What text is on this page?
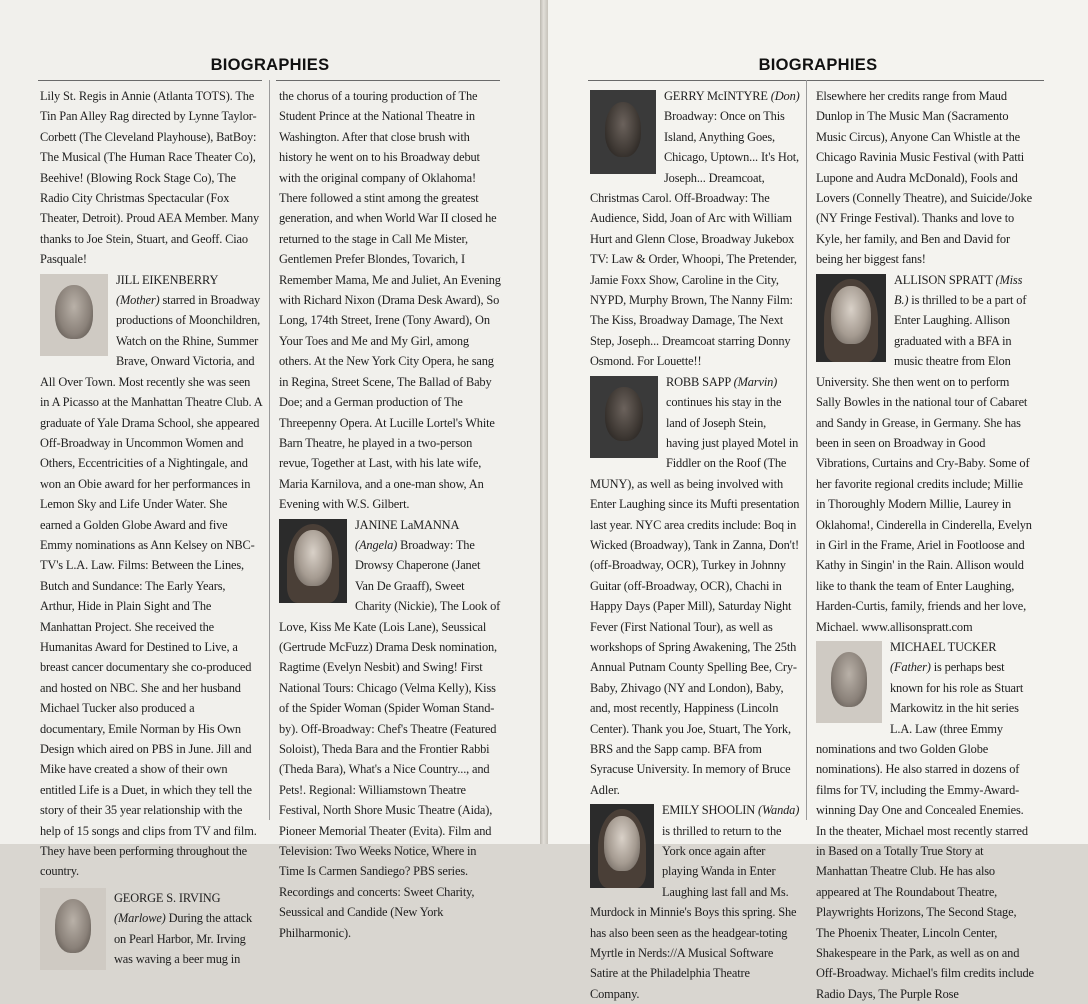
BIOGRAPHIES

Lily St. Regis in Annie (Atlanta TOTS). The Tin Pan Alley Rag directed by Lynne Taylor-Corbett (The Cleveland Playhouse), BatBoy: The Musical (The Human Race Theater Co), Beehive! (Blowing Rock Stage Co), The Radio City Christmas Spectacular (Fox Theater, Detroit). Proud AEA Member. Many thanks to Joe Stein, Stuart, and Geoff. Ciao Pasquale!

JILL EIKENBERRY (Mother) starred in Broadway productions of Moonchildren, Watch on the Rhine, Summer Brave, Onward Victoria, and All Over Town. Most recently she was seen in A Picasso at the Manhattan Theatre Club. A graduate of Yale Drama School, she appeared Off-Broadway in Uncommon Women and Others, Eccentricities of a Nightingale, and won an Obie award for her performances in Lemon Sky and Life Under Water. She earned a Golden Globe Award and five Emmy nominations as Ann Kelsey on NBC-TV's L.A. Law. Films: Between the Lines, Butch and Sundance: The Early Years, Arthur, Hide in Plain Sight and The Manhattan Project. She received the Humanitas Award for Destined to Live, a breast cancer documentary she co-produced and hosted on NBC. She and her husband Michael Tucker also produced a documentary, Emile Norman by His Own Design which aired on PBS in June. Jill and Mike have created a show of their own entitled Life is a Duet, in which they tell the story of their 35 year relationship with the help of 15 songs and clips from TV and film. They have been performing throughout the country.

GEORGE S. IRVING (Marlowe) During the attack on Pearl Harbor, Mr. Irving was waving a beer mug in

the chorus of a touring production of The Student Prince at the National Theatre in Washington. After that close brush with history he went on to his Broadway debut with the original company of Oklahoma! There followed a stint among the greatest generation, and when World War II closed he returned to the stage in Call Me Mister, Gentlemen Prefer Blondes, Tovarich, I Remember Mama, Me and Juliet, An Evening with Richard Nixon (Drama Desk Award), So Long, 174th Street, Irene (Tony Award), On Your Toes and Me and My Girl, among others. At the New York City Opera, he sang in Regina, Street Scene, The Ballad of Baby Doe; and a German production of The Threepenny Opera. At Lucille Lortel's White Barn Theatre, he played in a two-person revue, Together at Last, with his late wife, Maria Karnilova, and a one-man show, An Evening with W.S. Gilbert.

JANINE LaMANNA (Angela) Broadway: The Drowsy Chaperone (Janet Van De Graaff), Sweet Charity (Nickie), The Look of Love, Kiss Me Kate (Lois Lane), Seussical (Gertrude McFuzz) Drama Desk nomination, Ragtime (Evelyn Nesbit) and Swing! First National Tours: Chicago (Velma Kelly), Kiss of the Spider Woman (Spider Woman Stand-by). Off-Broadway: Chef's Theatre (Featured Soloist), Theda Bara and the Frontier Rabbi (Theda Bara), What's a Nice Country..., and Pets!. Regional: Williamstown Theatre Festival, North Shore Music Theatre (Aida), Pioneer Memorial Theater (Evita). Film and Television: Two Weeks Notice, Where in Time Is Carmen Sandiego? PBS series. Recordings and concerts: Sweet Charity, Seussical and Candide (New York Philharmonic).

BIOGRAPHIES

GERRY McINTYRE (Don) Broadway: Once on This Island, Anything Goes, Chicago, Uptown... It's Hot, Joseph... Dreamcoat, Christmas Carol. Off-Broadway: The Audience, Sidd, Joan of Arc with William Hurt and Glenn Close, Broadway Jukebox TV: Law & Order, Whoopi, The Pretender, Jamie Foxx Show, Caroline in the City, NYPD, Murphy Brown, The Nanny Film: The Kiss, Broadway Damage, The Next Step, Joseph... Dreamcoat starring Donny Osmond. For Louette!!

ROBB SAPP (Marvin) continues his stay in the land of Joseph Stein, having just played Motel in Fiddler on the Roof (The MUNY), as well as being involved with Enter Laughing since its Mufti presentation last year. NYC area credits include: Boq in Wicked (Broadway), Tank in Zanna, Don't! (off-Broadway, OCR), Turkey in Johnny Guitar (off-Broadway, OCR), Chachi in Happy Days (Paper Mill), Saturday Night Fever (First National Tour), as well as workshops of Spring Awakening, The 25th Annual Putnam County Spelling Bee, Cry-Baby, Zhivago (NY and London), Baby, and, most recently, Happiness (Lincoln Center). Thank you Joe, Stuart, The York, BRS and the Sapp camp. BFA from Syracuse University. In memory of Bruce Adler.

EMILY SHOOLIN (Wanda) is thrilled to return to the York once again after playing Wanda in Enter Laughing last fall and Ms. Murdock in Minnie's Boys this spring. She has also been seen as the headgear-toting Myrtle in Nerds://A Musical Software Satire at the Philadelphia Theatre Company.

Elsewhere her credits range from Maud Dunlop in The Music Man (Sacramento Music Circus), Anyone Can Whistle at the Chicago Ravinia Music Festival (with Patti Lupone and Audra McDonald), Fools and Lovers (Connelly Theatre), and Suicide/Joke (NY Fringe Festival). Thanks and love to Kyle, her family, and Ben and David for being her biggest fans!

ALLISON SPRATT (Miss B.) is thrilled to be a part of Enter Laughing. Allison graduated with a BFA in music theatre from Elon University. She then went on to perform Sally Bowles in the national tour of Cabaret and Sandy in Grease, in Germany. She has been in seen on Broadway in Good Vibrations, Curtains and Cry-Baby. Some of her favorite regional credits include; Millie in Thoroughly Modern Millie, Laurey in Oklahoma!, Cinderella in Cinderella, Evelyn in Girl in the Frame, Ariel in Footloose and Kathy in Singin' in the Rain. Allison would like to thank the team of Enter Laughing, Harden-Curtis, family, friends and her love, Michael. www.allisonspratt.com

MICHAEL TUCKER (Father) is perhaps best known for his role as Stuart Markowitz in the hit series L.A. Law (three Emmy nominations and two Golden Globe nominations). He also starred in dozens of films for TV, including the Emmy-Award-winning Day One and Concealed Enemies. In the theater, Michael most recently starred in Based on a Totally True Story at Manhattan Theatre Club. He has also appeared at The Roundabout Theatre, Playwrights Horizons, The Second Stage, The Phoenix Theater, Lincoln Center, Shakespeare in the Park, as well as on and Off-Broadway. Michael's film credits include Radio Days, The Purple Rose
